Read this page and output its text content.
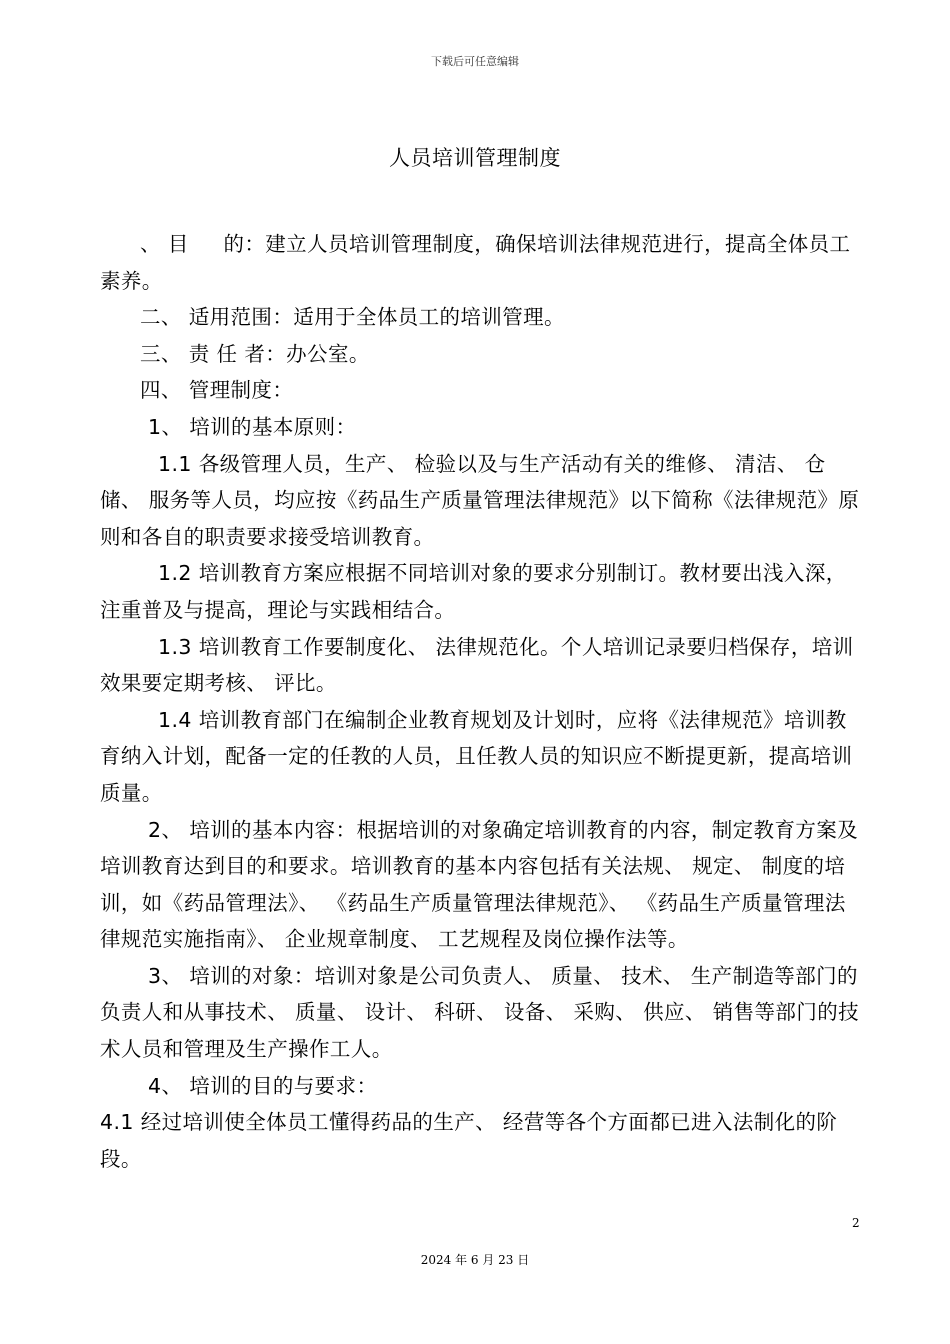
下载后可任意编辑
人员培训管理制度

、 目 　 的：建立人员培训管理制度，确保培训法律规范进行，提高全体员工素养。

二、 适用范围：适用于全体员工的培训管理。

三、 责 任 者：办公室。

四、 管理制度：

1、 培训的基本原则：

1.1 各级管理人员，生产、 检验以及与生产活动有关的维修、 清洁、 仓储、 服务等人员，均应按《药品生产质量管理法律规范》以下简称《法律规范》原则和各自的职责要求接受培训教育。

1.2 培训教育方案应根据不同培训对象的要求分别制订。教材要出浅入深，注重普及与提高，理论与实践相结合。

1.3 培训教育工作要制度化、 法律规范化。个人培训记录要归档保存，培训效果要定期考核、 评比。

1.4 培训教育部门在编制企业教育规划及计划时，应将《法律规范》培训教育纳入计划，配备一定的任教的人员，且任教人员的知识应不断提更新，提高培训质量。

2、 培训的基本内容：根据培训的对象确定培训教育的内容，制定教育方案及培训教育达到目的和要求。培训教育的基本内容包括有关法规、 规定、 制度的培训，如《药品管理法》、 《药品生产质量管理法律规范》、 《药品生产质量管理法律规范实施指南》、 企业规章制度、 工艺规程及岗位操作法等。

3、 培训的对象：培训对象是公司负责人、 质量、 技术、 生产制造等部门的负责人和从事技术、 质量、 设计、 科研、 设备、 采购、 供应、 销售等部门的技术人员和管理及生产操作工人。

4、 培训的目的与要求：

4.1 经过培训使全体员工懂得药品的生产、 经营等各个方面都已进入法制化的阶段。

2
2024 年 6 月 23 日
